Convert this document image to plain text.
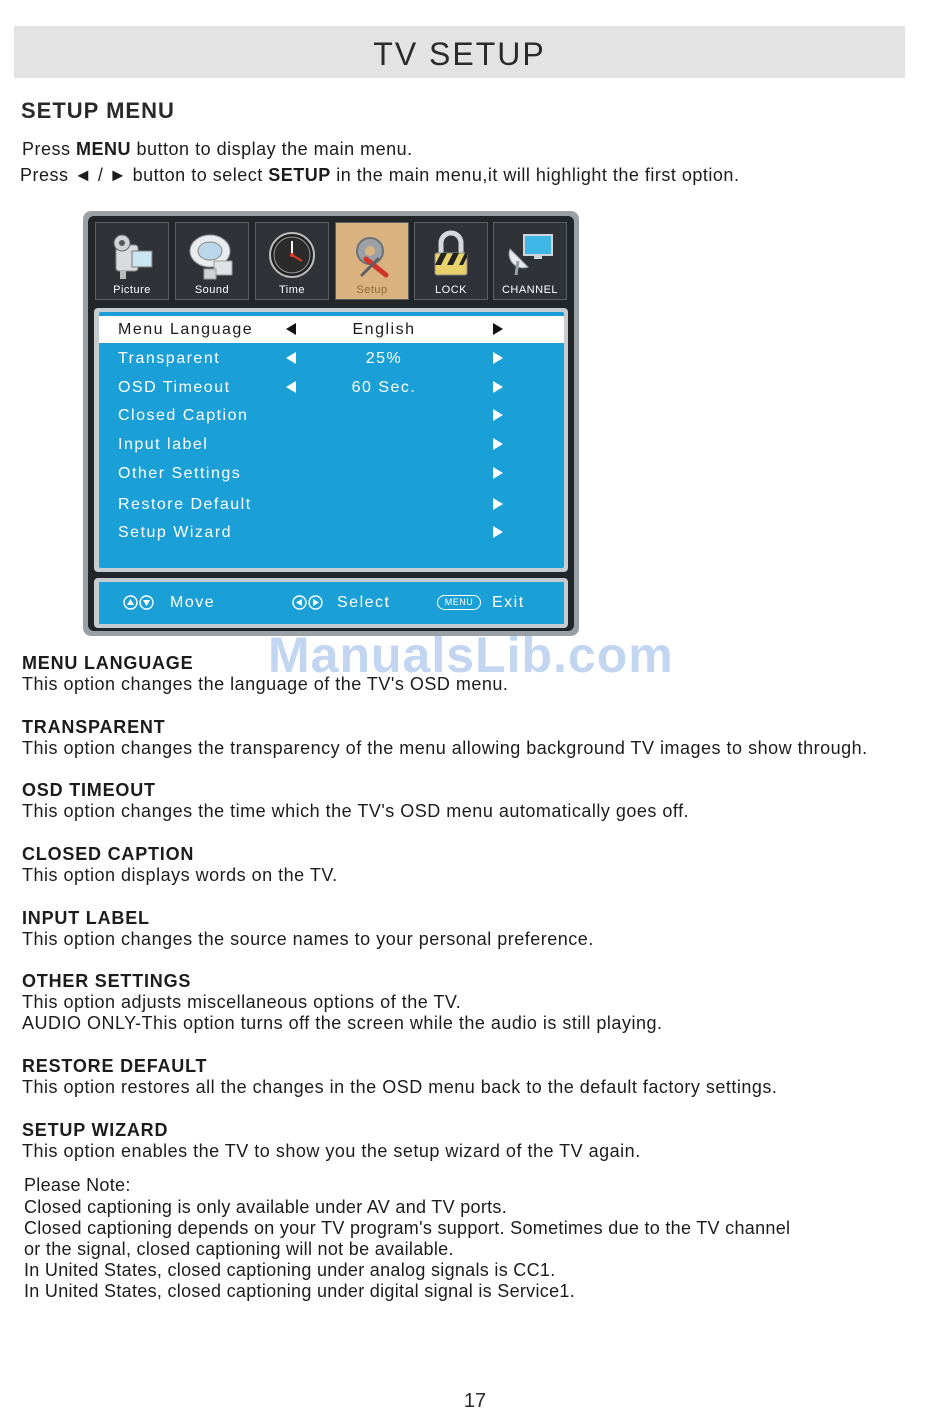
TV SETUP
SETUP MENU
Press MENU button to display the main menu.
Press ◄ / ► button to select SETUP in the main menu,it will highlight the first option.
Picture	Sound	Time	Setup	LOCK	CHANNEL
Menu Language	English
Transparent	25%
OSD Timeout	60 Sec.
Closed Caption
Input label
Other Settings
Restore Default
Setup Wizard
Move	Select	MENU	Exit
ManualsLib.com
MENU LANGUAGE
This option changes the language of the TV's OSD menu.
TRANSPARENT
This option changes the transparency of the menu allowing background TV images to show through.
OSD TIMEOUT
This option changes the time which the TV's OSD menu automatically goes off.
CLOSED CAPTION
This option displays words on the TV.
INPUT LABEL
This option changes the source names to your personal preference.
OTHER SETTINGS
This option adjusts miscellaneous options of the TV.
AUDIO ONLY-This option turns off the screen while the audio is still playing.
RESTORE DEFAULT
This option restores all the changes in the OSD menu back to the default factory settings.
SETUP WIZARD
This option enables the TV to show you the setup wizard of the TV again.
Please Note:
Closed captioning is only available under AV and TV ports.
Closed captioning depends on your TV program's support. Sometimes due to the TV channel
or the signal, closed captioning will not be available.
In United States, closed captioning under analog signals is CC1.
In United States, closed captioning under digital signal is Service1.
17
